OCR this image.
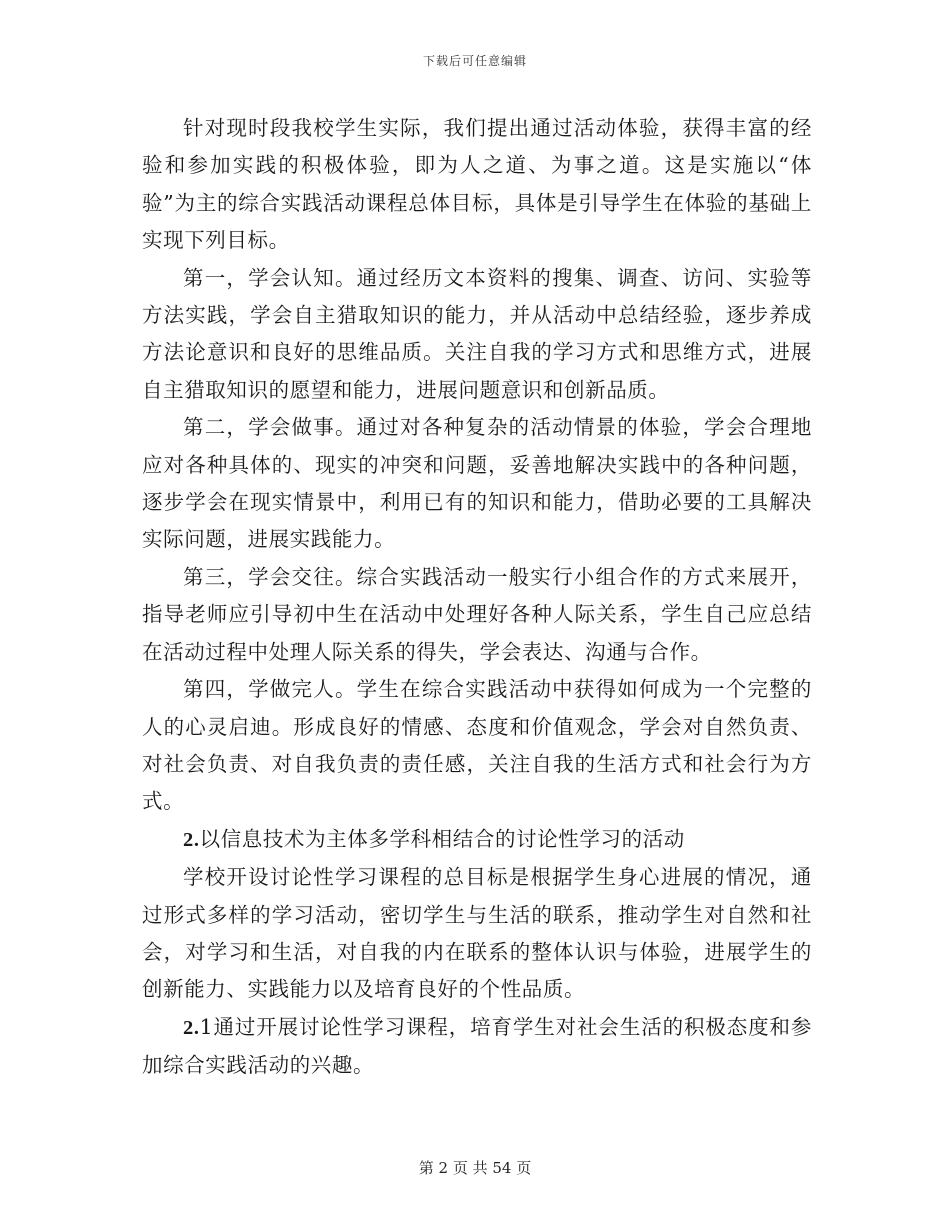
下载后可任意编辑

针对现时段我校学生实际，我们提出通过活动体验，获得丰富的经验和参加实践的积极体验，即为人之道、为事之道。这是实施以“体验”为主的综合实践活动课程总体目标，具体是引导学生在体验的基础上实现下列目标。

第一，学会认知。通过经历文本资料的搜集、调查、访问、实验等方法实践，学会自主猎取知识的能力，并从活动中总结经验，逐步养成方法论意识和良好的思维品质。关注自我的学习方式和思维方式，进展自主猎取知识的愿望和能力，进展问题意识和创新品质。

第二，学会做事。通过对各种复杂的活动情景的体验，学会合理地应对各种具体的、现实的冲突和问题，妥善地解决实践中的各种问题，逐步学会在现实情景中，利用已有的知识和能力，借助必要的工具解决实际问题，进展实践能力。

第三，学会交往。综合实践活动一般实行小组合作的方式来展开，指导老师应引导初中生在活动中处理好各种人际关系，学生自己应总结在活动过程中处理人际关系的得失，学会表达、沟通与合作。

第四，学做完人。学生在综合实践活动中获得如何成为一个完整的人的心灵启迪。形成良好的情感、态度和价值观念，学会对自然负责、对社会负责、对自我负责的责任感，关注自我的生活方式和社会行为方式。

2.以信息技术为主体多学科相结合的讨论性学习的活动

学校开设讨论性学习课程的总目标是根据学生身心进展的情况，通过形式多样的学习活动，密切学生与生活的联系，推动学生对自然和社会，对学习和生活，对自我的内在联系的整体认识与体验，进展学生的创新能力、实践能力以及培育良好的个性品质。

2.1通过开展讨论性学习课程，培育学生对社会生活的积极态度和参加综合实践活动的兴趣。

第 2 页 共 54 页
